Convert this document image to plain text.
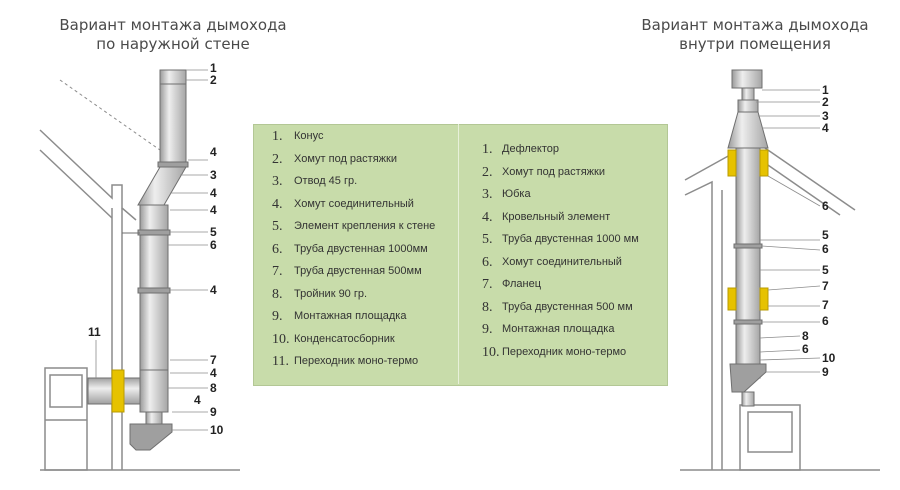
Вариант монтажа дымохода
по наружной стене
Вариант монтажа дымохода
внутри помещения
1
2
4
3
4
4
5
6
4
11
7
4
8
4
9
10
1
2
3
4
6
5
6
5
7
7
6
8
6
10
9
1. Конус
2. Хомут под растяжки
3. Отвод 45 гр.
4. Хомут соединительный
5. Элемент крепления к стене
6. Труба двустенная 1000мм
7. Труба двустенная 500мм
8. Тройник 90 гр.
9. Монтажная площадка
10. Конденсатосборник
11. Переходник моно-термо
1. Дефлектор
2. Хомут под растяжки
3. Юбка
4. Кровельный элемент
5. Труба двустенная 1000 мм
6. Хомут соединительный
7. Фланец
8. Труба двустенная 500 мм
9. Монтажная площадка
10. Переходник моно-термо
